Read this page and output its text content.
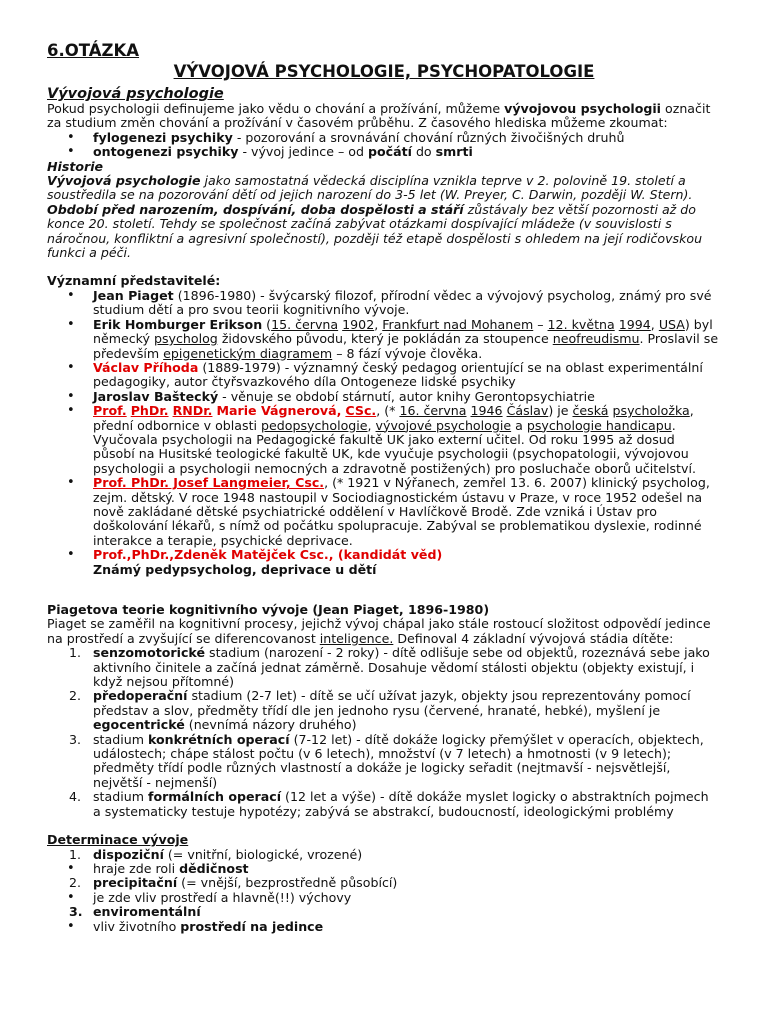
6.OTÁZKA
VÝVOJOVÁ PSYCHOLOGIE, PSYCHOPATOLOGIE
Vývojová psychologie

Pokud psychologii definujeme jako vědu o chování a prožívání, můžeme vývojovou psychologii označit za studium změn chování a prožívání v časovém průběhu. Z časového hlediska můžeme zkoumat:

• fylogenezi psychiky - pozorování a srovnávání chování různých živočišných druhů
• ontogenezi psychiky - vývoj jedince – od počátí do smrti
Historie

Vývojová psychologie jako samostatná vědecká disciplína vznikla teprve v 2. polovině 19. století a soustředila se na pozorování dětí od jejich narození do 3-5 let (W. Preyer, C. Darwin, později W. Stern).
Období před narozením, dospívání, doba dospělosti a stáří zůstávaly bez větší pozornosti až do konce 20. století. Tehdy se společnost začíná zabývat otázkami dospívající mládeže (v souvislosti s náročnou, konfliktní a agresivní společností), později též etapě dospělosti s ohledem na její rodičovskou funkci a péči.

Významní představitelé:
• Jean Piaget (1896-1980) - švýcarský filozof, přírodní vědec a vývojový psycholog, známý pro své studium dětí a pro svou teorii kognitivního vývoje.
• Erik Homburger Erikson (15. června 1902, Frankfurt nad Mohanem – 12. května 1994, USA) byl německý psycholog židovského původu, který je pokládán za stoupence neofreudismu. Proslavil se především epigenetickým diagramem – 8 fází vývoje člověka.
• Václav Příhoda (1889-1979) - významný český pedagog orientující se na oblast experimentální pedagogiky, autor čtyřsvazkového díla Ontogeneze lidské psychiky
• Jaroslav Baštecký - věnuje se období stárnutí, autor knihy Gerontopsychiatrie
• Prof. PhDr. RNDr. Marie Vágnerová, CSc., (* 16. června 1946 Čáslav) je česká psycholožka, přední odbornice v oblasti pedopsychologie, vývojové psychologie a psychologie handicapu. Vyučovala psychologii na Pedagogické fakultě UK jako externí učitel. Od roku 1995 až dosud působí na Husitské teologické fakultě UK, kde vyučuje psychologii (psychopatologii, vývojovou psychologii a psychologii nemocných a zdravotně postižených) pro posluchače oborů učitelství.
• Prof. PhDr. Josef Langmeier, Csc., (* 1921 v Nýřanech, zemřel 13. 6. 2007) klinický psycholog, zejm. dětský. V roce 1948 nastoupil v Sociodiagnostickém ústavu v Praze, v roce 1952 odešel na nově zakládané dětské psychiatrické oddělení v Havlíčkově Brodě. Zde vzniká i Ústav pro doškolování lékařů, s nímž od počátku spolupracuje. Zabýval se problematikou dyslexie, rodinné interakce a terapie, psychické deprivace.
• Prof.,PhDr.,Zdeněk Matějček Csc., (kandidát věd)
Známý pedypsycholog, deprivace u dětí
Piagetova teorie kognitivního vývoje (Jean Piaget, 1896-1980)

Piaget se zaměřil na kognitivní procesy, jejichž vývoj chápal jako stále rostoucí složitost odpovědí jedince na prostředí a zvyšující se diferencovanost inteligence. Definoval 4 základní vývojová stádia dítěte:

1. senzomotorické stadium (narození - 2 roky) - dítě odlišuje sebe od objektů, rozeznává sebe jako aktivního činitele a začíná jednat záměrně. Dosahuje vědomí stálosti objektu (objekty existují, i když nejsou přítomné)
2. předoperační stadium (2-7 let) - dítě se učí užívat jazyk, objekty jsou reprezentovány pomocí představ a slov, předměty třídí dle jen jednoho rysu (červené, hranaté, hebké), myšlení je egocentrické (nevnímá názory druhého)
3. stadium konkrétních operací (7-12 let) - dítě dokáže logicky přemýšlet v operacích, objektech, událostech; chápe stálost počtu (v 6 letech), množství (v 7 letech) a hmotnosti (v 9 letech); předměty třídí podle různých vlastností a dokáže je logicky seřadit (nejtmavší - nejsvětlejší, největší - nejmenší)
4. stadium formálních operací (12 let a výše) - dítě dokáže myslet logicky o abstraktních pojmech a systematicky testuje hypotézy; zabývá se abstrakcí, budoucností, ideologickými problémy
Determinace vývoje
1. dispoziční (= vnitřní, biologické, vrozené)
• hraje zde roli dědičnost
2. precipitační (= vnější, bezprostředně působící)
• je zde vliv prostředí a hlavně(!!) výchovy
3. enviromentální
• vliv životního prostředí na jedince
